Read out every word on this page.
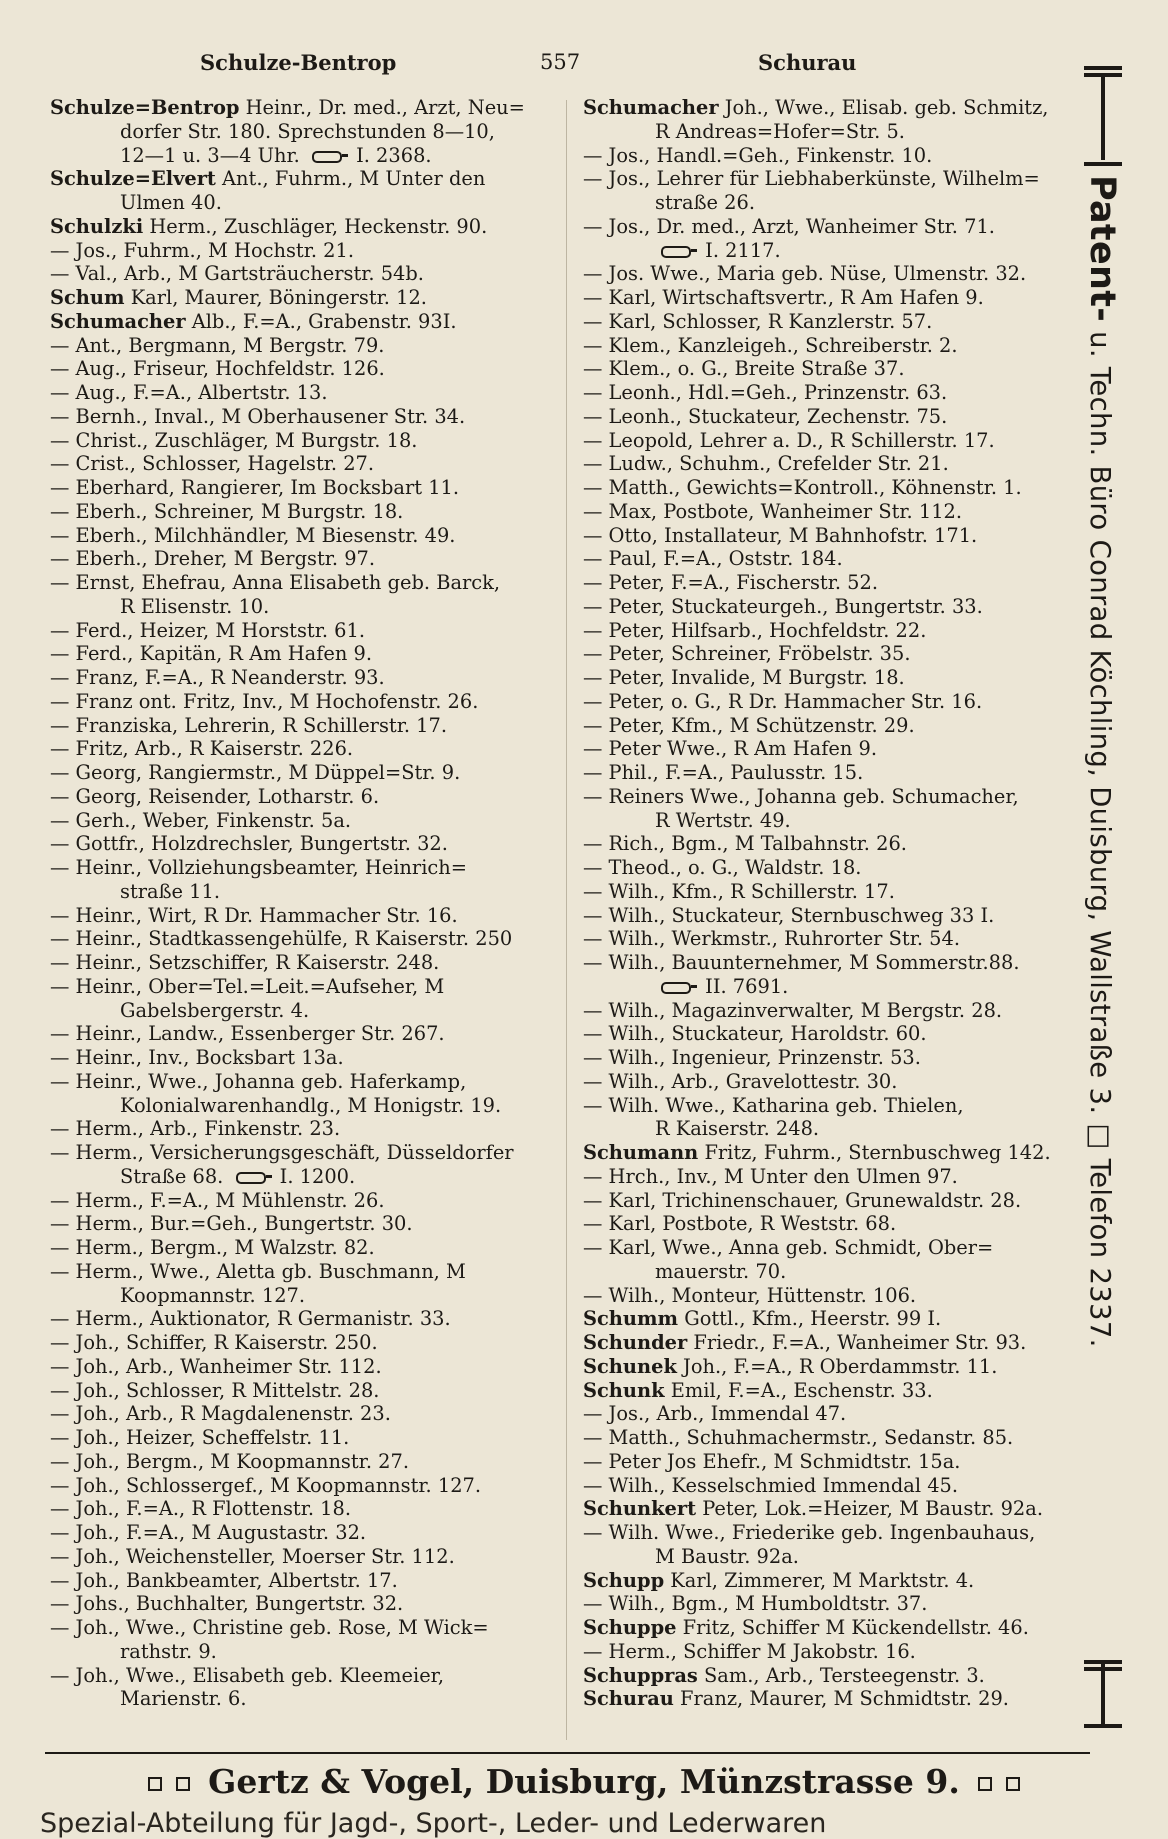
Schulze-Bentrop	557	Schurau
Schulze=Bentrop Heinr., Dr. med., Arzt, Neu=
dorfer Str. 180. Sprechstunden 8—10,
12—1 u. 3—4 Uhr.  I. 2368.
Schulze=Elvert Ant., Fuhrm., M Unter den
Ulmen 40.
Schulzki Herm., Zuschläger, Heckenstr. 90.
— Jos., Fuhrm., M Hochstr. 21.
— Val., Arb., M Gartsträucherstr. 54b.
Schum Karl, Maurer, Böningerstr. 12.
Schumacher Alb., F.=A., Grabenstr. 93I.
— Ant., Bergmann, M Bergstr. 79.
— Aug., Friseur, Hochfeldstr. 126.
— Aug., F.=A., Albertstr. 13.
— Bernh., Inval., M Oberhausener Str. 34.
— Christ., Zuschläger, M Burgstr. 18.
— Crist., Schlosser, Hagelstr. 27.
— Eberhard, Rangierer, Im Bocksbart 11.
— Eberh., Schreiner, M Burgstr. 18.
— Eberh., Milchhändler, M Biesenstr. 49.
— Eberh., Dreher, M Bergstr. 97.
— Ernst, Ehefrau, Anna Elisabeth geb. Barck,
R Elisenstr. 10.
— Ferd., Heizer, M Horststr. 61.
— Ferd., Kapitän, R Am Hafen 9.
— Franz, F.=A., R Neanderstr. 93.
— Franz ont. Fritz, Inv., M Hochofenstr. 26.
— Franziska, Lehrerin, R Schillerstr. 17.
— Fritz, Arb., R Kaiserstr. 226.
— Georg, Rangiermstr., M Düppel=Str. 9.
— Georg, Reisender, Lotharstr. 6.
— Gerh., Weber, Finkenstr. 5a.
— Gottfr., Holzdrechsler, Bungertstr. 32.
— Heinr., Vollziehungsbeamter, Heinrich=
straße 11.
— Heinr., Wirt, R Dr. Hammacher Str. 16.
— Heinr., Stadtkassengehülfe, R Kaiserstr. 250
— Heinr., Setzschiffer, R Kaiserstr. 248.
— Heinr., Ober=Tel.=Leit.=Aufseher, M
Gabelsbergerstr. 4.
— Heinr., Landw., Essenberger Str. 267.
— Heinr., Inv., Bocksbart 13a.
— Heinr., Wwe., Johanna geb. Haferkamp,
Kolonialwarenhandlg., M Honigstr. 19.
— Herm., Arb., Finkenstr. 23.
— Herm., Versicherungsgeschäft, Düsseldorfer
Straße 68.  I. 1200.
— Herm., F.=A., M Mühlenstr. 26.
— Herm., Bur.=Geh., Bungertstr. 30.
— Herm., Bergm., M Walzstr. 82.
— Herm., Wwe., Aletta gb. Buschmann, M
Koopmannstr. 127.
— Herm., Auktionator, R Germanistr. 33.
— Joh., Schiffer, R Kaiserstr. 250.
— Joh., Arb., Wanheimer Str. 112.
— Joh., Schlosser, R Mittelstr. 28.
— Joh., Arb., R Magdalenenstr. 23.
— Joh., Heizer, Scheffelstr. 11.
— Joh., Bergm., M Koopmannstr. 27.
— Joh., Schlossergef., M Koopmannstr. 127.
— Joh., F.=A., R Flottenstr. 18.
— Joh., F.=A., M Augustastr. 32.
— Joh., Weichensteller, Moerser Str. 112.
— Joh., Bankbeamter, Albertstr. 17.
— Johs., Buchhalter, Bungertstr. 32.
— Joh., Wwe., Christine geb. Rose, M Wick=
rathstr. 9.
— Joh., Wwe., Elisabeth geb. Kleemeier,
Marienstr. 6.
Schumacher Joh., Wwe., Elisab. geb. Schmitz,
R Andreas=Hofer=Str. 5.
— Jos., Handl.=Geh., Finkenstr. 10.
— Jos., Lehrer für Liebhaberkünste, Wilhelm=
straße 26.
— Jos., Dr. med., Arzt, Wanheimer Str. 71.
I. 2117.
— Jos. Wwe., Maria geb. Nüse, Ulmenstr. 32.
— Karl, Wirtschaftsvertr., R Am Hafen 9.
— Karl, Schlosser, R Kanzlerstr. 57.
— Klem., Kanzleigeh., Schreiberstr. 2.
— Klem., o. G., Breite Straße 37.
— Leonh., Hdl.=Geh., Prinzenstr. 63.
— Leonh., Stuckateur, Zechenstr. 75.
— Leopold, Lehrer a. D., R Schillerstr. 17.
— Ludw., Schuhm., Crefelder Str. 21.
— Matth., Gewichts=Kontroll., Köhnenstr. 1.
— Max, Postbote, Wanheimer Str. 112.
— Otto, Installateur, M Bahnhofstr. 171.
— Paul, F.=A., Oststr. 184.
— Peter, F.=A., Fischerstr. 52.
— Peter, Stuckateurgeh., Bungertstr. 33.
— Peter, Hilfsarb., Hochfeldstr. 22.
— Peter, Schreiner, Fröbelstr. 35.
— Peter, Invalide, M Burgstr. 18.
— Peter, o. G., R Dr. Hammacher Str. 16.
— Peter, Kfm., M Schützenstr. 29.
— Peter Wwe., R Am Hafen 9.
— Phil., F.=A., Paulusstr. 15.
— Reiners Wwe., Johanna geb. Schumacher,
R Wertstr. 49.
— Rich., Bgm., M Talbahnstr. 26.
— Theod., o. G., Waldstr. 18.
— Wilh., Kfm., R Schillerstr. 17.
— Wilh., Stuckateur, Sternbuschweg 33 I.
— Wilh., Werkmstr., Ruhrorter Str. 54.
— Wilh., Bauunternehmer, M Sommerstr.88.
II. 7691.
— Wilh., Magazinverwalter, M Bergstr. 28.
— Wilh., Stuckateur, Haroldstr. 60.
— Wilh., Ingenieur, Prinzenstr. 53.
— Wilh., Arb., Gravelottestr. 30.
— Wilh. Wwe., Katharina geb. Thielen,
R Kaiserstr. 248.
Schumann Fritz, Fuhrm., Sternbuschweg 142.
— Hrch., Inv., M Unter den Ulmen 97.
— Karl, Trichinenschauer, Grunewaldstr. 28.
— Karl, Postbote, R Weststr. 68.
— Karl, Wwe., Anna geb. Schmidt, Ober=
mauerstr. 70.
— Wilh., Monteur, Hüttenstr. 106.
Schumm Gottl., Kfm., Heerstr. 99 I.
Schunder Friedr., F.=A., Wanheimer Str. 93.
Schunek Joh., F.=A., R Oberdammstr. 11.
Schunk Emil, F.=A., Eschenstr. 33.
— Jos., Arb., Immendal 47.
— Matth., Schuhmachermstr., Sedanstr. 85.
— Peter Jos Ehefr., M Schmidtstr. 15a.
— Wilh., Kesselschmied Immendal 45.
Schunkert Peter, Lok.=Heizer, M Baustr. 92a.
— Wilh. Wwe., Friederike geb. Ingenbauhaus,
M Baustr. 92a.
Schupp Karl, Zimmerer, M Marktstr. 4.
— Wilh., Bgm., M Humboldtstr. 37.
Schuppe Fritz, Schiffer M Kückendellstr. 46.
— Herm., Schiffer M Jakobstr. 16.
Schuppras Sam., Arb., Tersteegenstr. 3.
Schurau Franz, Maurer, M Schmidtstr. 29.
Patent- u. Techn. Büro Conrad Köchling, Duisburg, Wallstraße 3. □ Telefon 2337.
Gertz & Vogel, Duisburg, Münzstrasse 9.
Spezial-Abteilung für Jagd-, Sport-, Leder- und Lederwaren
